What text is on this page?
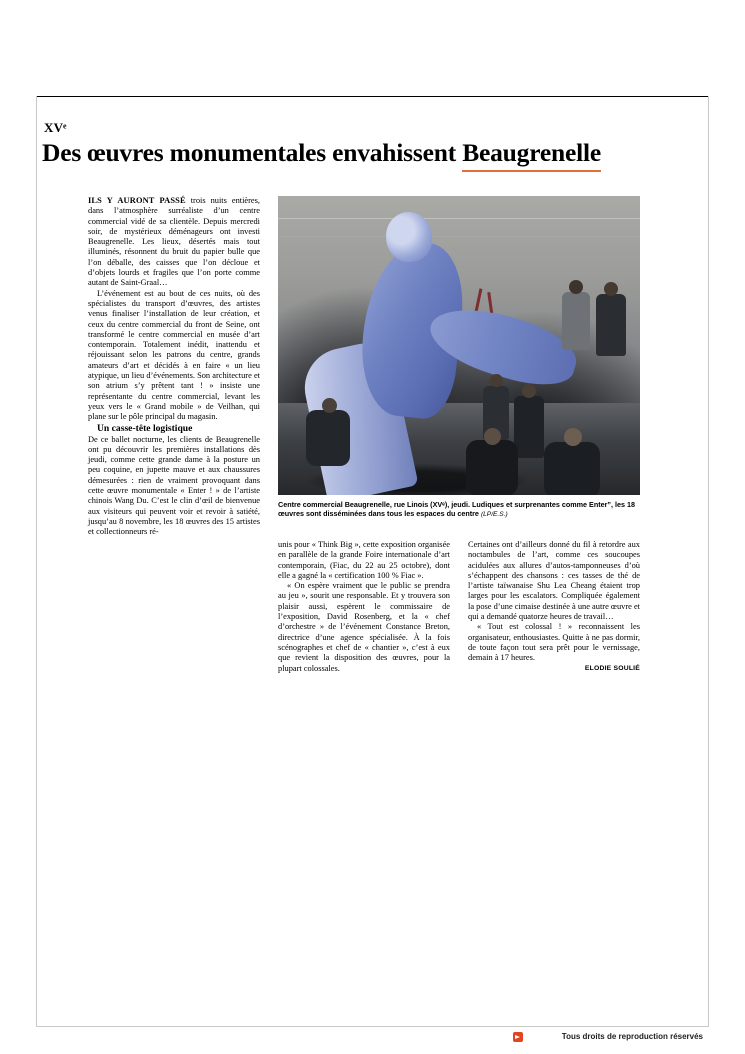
XVᵉ
Des œuvres monumentales envahissent Beaugrenelle

ILS Y AURONT PASSÉ trois nuits entières, dans l’atmosphère surréaliste d’un centre commercial vidé de sa clientèle. Depuis mercredi soir, de mystérieux déménageurs ont investi Beaugrenelle. Les lieux, désertés mais tout illuminés, résonnent du bruit du papier bulle que l’on déballe, des caisses que l’on décloue et d’objets lourds et fragiles que l’on porte comme autant de Saint-Graal…

L’événement est au bout de ces nuits, où des spécialistes du transport d’œuvres, des artistes venus finaliser l’installation de leur création, et ceux du centre commercial du front de Seine, ont transformé le centre commercial en musée d’art contemporain. Totalement inédit, inattendu et réjouissant selon les patrons du centre, grands amateurs d’art et décidés à en faire « un lieu atypique, un lieu d’événements. Son architecture et son atrium s’y prêtent tant ! » insiste une représentante du centre commercial, levant les yeux vers le « Grand mobile » de Veilhan, qui plane sur le pôle principal du magasin.

Un casse-tête logistique

De ce ballet nocturne, les clients de Beaugrenelle ont pu découvrir les premières installations dès jeudi, comme cette grande dame à la posture un peu coquine, en jupette mauve et aux chaussures démesurées : rien de vraiment provoquant dans cette œuvre monumentale « Enter ! » de l’artiste chinois Wang Du. C’est le clin d’œil de bienvenue aux visiteurs qui peuvent voir et revoir à satiété, jusqu’au 8 novembre, les 18 œuvres des 15 artistes et collectionneurs ré-

Centre commercial Beaugrenelle, rue Linois (XVᵉ), jeudi. Ludiques et surprenantes comme Enter”, les 18 œuvres sont disséminées dans tous les espaces du centre (LP/E.S.)

unis pour « Think Big », cette exposition organisée en parallèle de la grande Foire internationale d’art contemporain, (Fiac, du 22 au 25 octobre), dont elle a gagné la « certification 100 % Fiac ».

« On espère vraiment que le public se prendra au jeu », sourit une responsable. Et y trouvera son plaisir aussi, espèrent le commissaire de l’exposition, David Rosenberg, et la « chef d’orchestre » de l’événement Constance Breton, directrice d’une agence spécialisée. À la fois scénographes et chef de « chantier », c’est à eux que revient la disposition des œuvres, pour la plupart colossales.

Certaines ont d’ailleurs donné du fil à retordre aux noctambules de l’art, comme ces soucoupes acidulées aux allures d’autos-tamponneuses d’où s’échappent des chansons : ces tasses de thé de l’artiste taïwanaise Shu Lea Cheang étaient trop larges pour les escalators. Compliquée également la pose d’une cimaise destinée à une autre œuvre et qui a demandé quatorze heures de travail…

« Tout est colossal ! » reconnaissent les organisateur, enthousiastes. Quitte à ne pas dormir, de toute façon tout sera prêt pour le vernissage, demain à 17 heures.

ELODIE SOULIÉ

Tous droits de reproduction réservés
